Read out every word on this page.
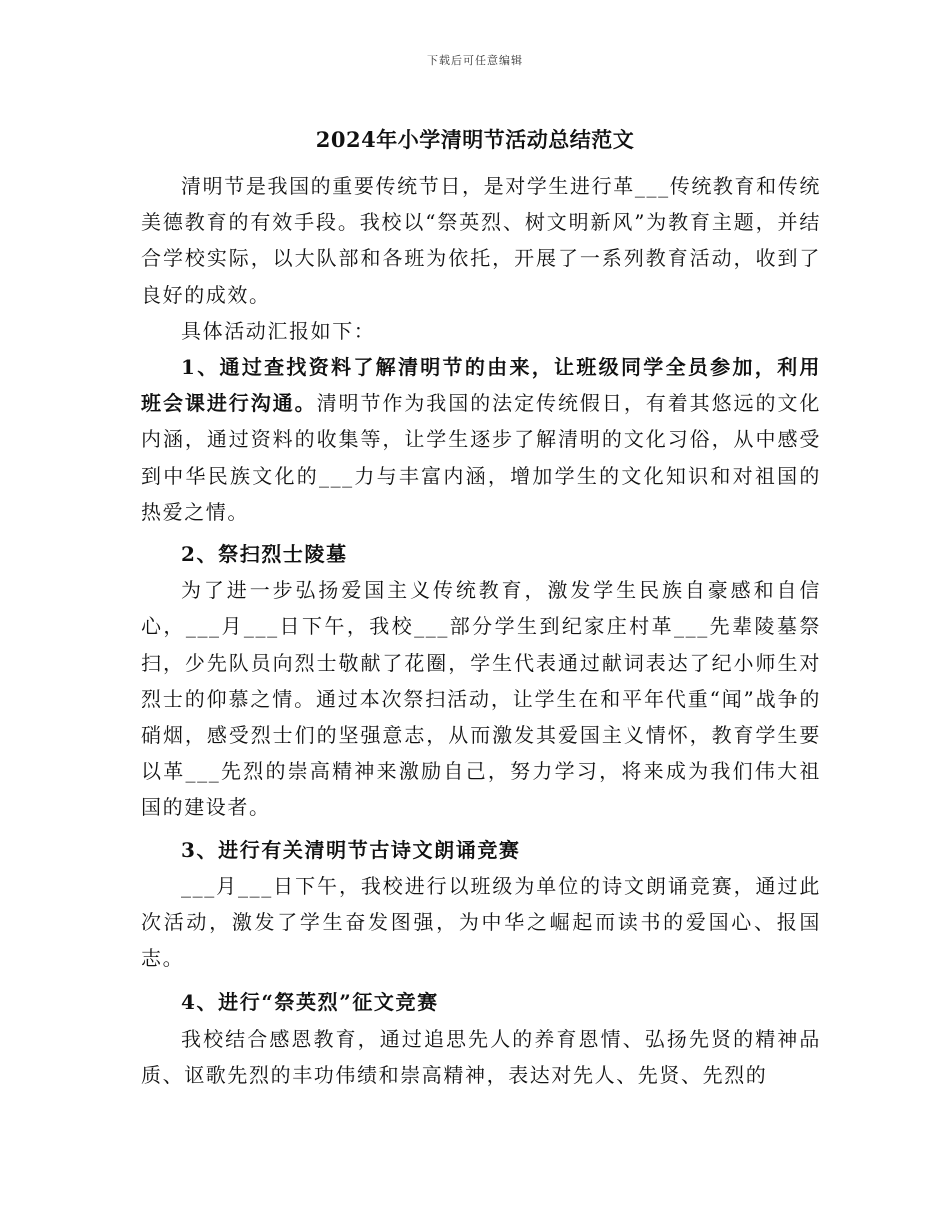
下载后可任意编辑
2024年小学清明节活动总结范文

清明节是我国的重要传统节日，是对学生进行革___传统教育和传统美德教育的有效手段。我校以“祭英烈、树文明新风”为教育主题，并结合学校实际，以大队部和各班为依托，开展了一系列教育活动，收到了良好的成效。

具体活动汇报如下：

1、通过查找资料了解清明节的由来，让班级同学全员参加，利用班会课进行沟通。清明节作为我国的法定传统假日，有着其悠远的文化内涵，通过资料的收集等，让学生逐步了解清明的文化习俗，从中感受到中华民族文化的___力与丰富内涵，增加学生的文化知识和对祖国的热爱之情。

2、祭扫烈士陵墓

为了进一步弘扬爱国主义传统教育，激发学生民族自豪感和自信心，___月___日下午，我校___部分学生到纪家庄村革___先辈陵墓祭扫，少先队员向烈士敬献了花圈，学生代表通过献词表达了纪小师生对烈士的仰慕之情。通过本次祭扫活动，让学生在和平年代重“闻”战争的硝烟，感受烈士们的坚强意志，从而激发其爱国主义情怀，教育学生要以革___先烈的崇高精神来激励自己，努力学习，将来成为我们伟大祖国的建设者。

3、进行有关清明节古诗文朗诵竞赛

___月___日下午，我校进行以班级为单位的诗文朗诵竞赛，通过此次活动，激发了学生奋发图强，为中华之崛起而读书的爱国心、报国志。

4、进行“祭英烈”征文竞赛

我校结合感恩教育，通过追思先人的养育恩情、弘扬先贤的精神品质、讴歌先烈的丰功伟绩和崇高精神，表达对先人、先贤、先烈的
